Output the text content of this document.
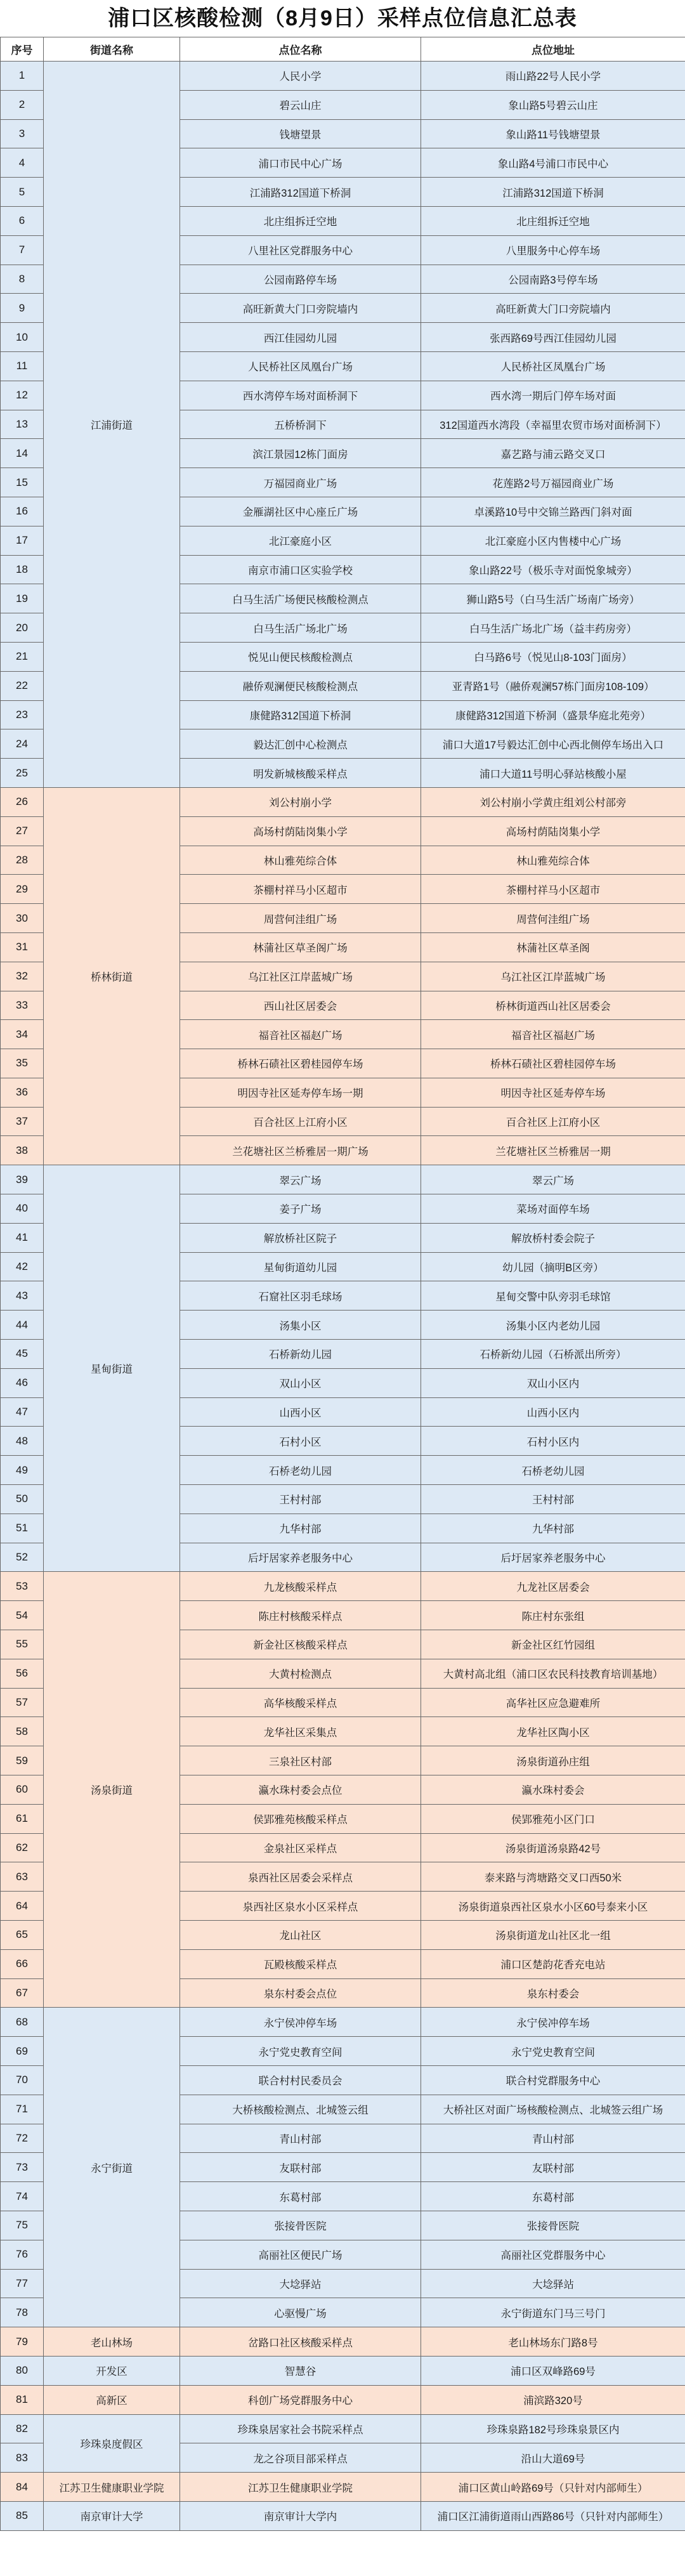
浦口区核酸检测（8月9日）采样点位信息汇总表
序号	街道名称	点位名称	点位地址
1	江浦街道	人民小学	雨山路22号人民小学
2		碧云山庄	象山路5号碧云山庄
3		钱塘望景	象山路11号钱塘望景
4		浦口市民中心广场	象山路4号浦口市民中心
5		江浦路312国道下桥洞	江浦路312国道下桥洞
6		北庄组拆迁空地	北庄组拆迁空地
7		八里社区党群服务中心	八里服务中心停车场
8		公园南路停车场	公园南路3号停车场
9		高旺新黄大门口旁院墙内	高旺新黄大门口旁院墙内
10		西江佳园幼儿园	张西路69号西江佳园幼儿园
11		人民桥社区凤凰台广场	人民桥社区凤凰台广场
12		西水湾停车场对面桥洞下	西水湾一期后门停车场对面
13		五桥桥洞下	312国道西水湾段（幸福里农贸市场对面桥洞下）
14		滨江景园12栋门面房	嘉艺路与浦云路交叉口
15		万福园商业广场	花莲路2号万福园商业广场
16		金雁湖社区中心座丘广场	卓溪路10号中交锦兰路西门斜对面
17		北江豪庭小区	北江豪庭小区内售楼中心广场
18		南京市浦口区实验学校	象山路22号（极乐寺对面悦象城旁）
19		白马生活广场便民核酸检测点	狮山路5号（白马生活广场南广场旁）
20		白马生活广场北广场	白马生活广场北广场（益丰药房旁）
21		悦见山便民核酸检测点	白马路6号（悦见山8-103门面房）
22		融侨观澜便民核酸检测点	亚青路1号（融侨观澜57栋门面房108-109）
23		康健路312国道下桥洞	康健路312国道下桥洞（盛景华庭北苑旁）
24		毅达汇创中心检测点	浦口大道17号毅达汇创中心西北侧停车场出入口
25		明发新城核酸采样点	浦口大道11号明心驿站核酸小屋
26	桥林街道	刘公村崩小学	刘公村崩小学黄庄组刘公村部旁
27		高场村荫陆岗集小学	高场村荫陆岗集小学
28		林山雅苑综合体	林山雅苑综合体
29		茶棚村祥马小区超市	茶棚村祥马小区超市
30		周营何洼组广场	周营何洼组广场
31		林蒲社区草圣阁广场	林蒲社区草圣阁
32		乌江社区江岸蓝城广场	乌江社区江岸蓝城广场
33		西山社区居委会	桥林街道西山社区居委会
34		福音社区福赵广场	福音社区福赵广场
35		桥林石碛社区碧桂园停车场	桥林石碛社区碧桂园停车场
36		明因寺社区延寿停车场一期	明因寺社区延寿停车场
37		百合社区上江府小区	百合社区上江府小区
38		兰花塘社区兰桥雅居一期广场	兰花塘社区兰桥雅居一期
39	星甸街道	翠云广场	翠云广场
40		姜子广场	菜场对面停车场
41		解放桥社区院子	解放桥村委会院子
42		星甸街道幼儿园	幼儿园（摘明B区旁）
43		石窟社区羽毛球场	星甸交警中队旁羽毛球馆
44		汤集小区	汤集小区内老幼儿园
45		石桥新幼儿园	石桥新幼儿园（石桥派出所旁）
46		双山小区	双山小区内
47		山西小区	山西小区内
48		石村小区	石村小区内
49		石桥老幼儿园	石桥老幼儿园
50		王村村部	王村村部
51		九华村部	九华村部
52		后圩居家养老服务中心	后圩居家养老服务中心
53	汤泉街道	九龙核酸采样点	九龙社区居委会
54		陈庄村核酸采样点	陈庄村东张组
55		新金社区核酸采样点	新金社区红竹园组
56		大黄村检测点	大黄村高北组（浦口区农民科技教育培训基地）
57		高华核酸采样点	高华社区应急避难所
58		龙华社区采集点	龙华社区陶小区
59		三泉社区村部	汤泉街道孙庄组
60		瀛水珠村委会点位	瀛水珠村委会
61		侯郢雅苑核酸采样点	侯郢雅苑小区门口
62		金泉社区采样点	汤泉街道汤泉路42号
63		泉西社区居委会采样点	泰来路与湾塘路交叉口西50米
64		泉西社区泉水小区采样点	汤泉街道泉西社区泉水小区60号泰来小区
65		龙山社区	汤泉街道龙山社区北一组
66		瓦殿核酸采样点	浦口区楚韵花香充电站
67		泉东村委会点位	泉东村委会
68	永宁街道	永宁侯冲停车场	永宁侯冲停车场
69		永宁党史教育空间	永宁党史教育空间
70		联合村村民委员会	联合村党群服务中心
71		大桥核酸检测点、北城签云组	大桥社区对面广场核酸检测点、北城签云组广场
72		青山村部	青山村部
73		友联村部	友联村部
74		东葛村部	东葛村部
75		张接骨医院	张接骨医院
76		高丽社区便民广场	高丽社区党群服务中心
77		大埝驿站	大埝驿站
78		心驱慢广场	永宁街道东门马三号门
79	老山林场	岔路口社区核酸采样点	老山林场东门路8号
80	开发区	智慧谷	浦口区双峰路69号
81	高新区	科创广场党群服务中心	浦滨路320号
82	珍珠泉度假区	珍珠泉居家社会书院采样点	珍珠泉路182号珍珠泉景区内
83		龙之谷项目部采样点	沿山大道69号
84	江苏卫生健康职业学院	江苏卫生健康职业学院	浦口区黄山岭路69号（只针对内部师生）
85	南京审计大学	南京审计大学内	浦口区江浦街道雨山西路86号（只针对内部师生）
